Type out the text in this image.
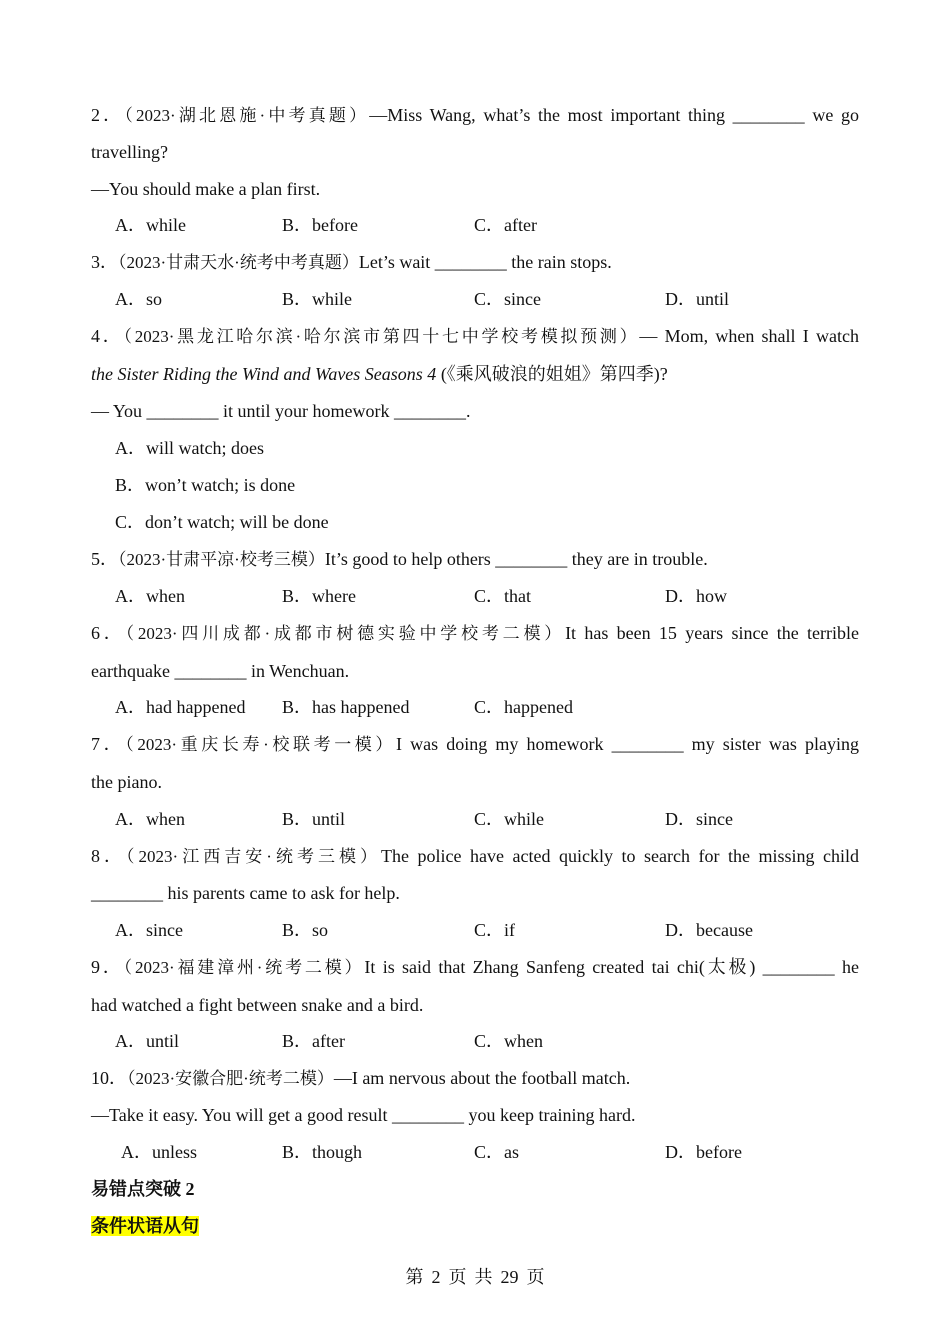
2．（2023·湖北恩施·中考真题）—Miss Wang, what’s the most important thing ________ we go
travelling?
—You should make a plan first.
A．while	B．before	C．after
3．（2023·甘肃天水·统考中考真题）Let’s wait ________ the rain stops.
A．so	B．while	C．since	D．until
4．（2023·黑龙江哈尔滨·哈尔滨市第四十七中学校考模拟预测）— Mom, when shall I watch
the Sister Riding the Wind and Waves Seasons 4 (《乘风破浪的姐姐》第四季)?
— You ________ it until your homework ________.
A．will watch; does
B．won’t watch; is done
C．don’t watch; will be done
5．（2023·甘肃平凉·校考三模）It’s good to help others ________ they are in trouble.
A．when	B．where	C．that	D．how
6．（2023·四川成都·成都市树德实验中学校考二模）It has been 15 years since the terrible
earthquake ________ in Wenchuan.
A．had happened B．has happened	C．happened
7．（2023·重庆长寿·校联考一模）I was doing my homework ________ my sister was playing
the piano.
A．when	B．until	C．while	D．since
8．（2023·江西吉安·统考三模）The police have acted quickly to search for the missing child
________ his parents came to ask for help.
A．since	B．so	C．if	D．because
9．（2023·福建漳州·统考二模）It is said that Zhang Sanfeng created tai chi(太极) ________ he
had watched a fight between snake and a bird.
A．until	B．after	C．when
10．（2023·安徽合肥·统考二模）—I am nervous about the football match.
—Take it easy. You will get a good result ________ you keep training hard.
A．unless	B．though	C．as	D．before
易错点突破 2
条件状语从句
第 2 页 共 29 页
